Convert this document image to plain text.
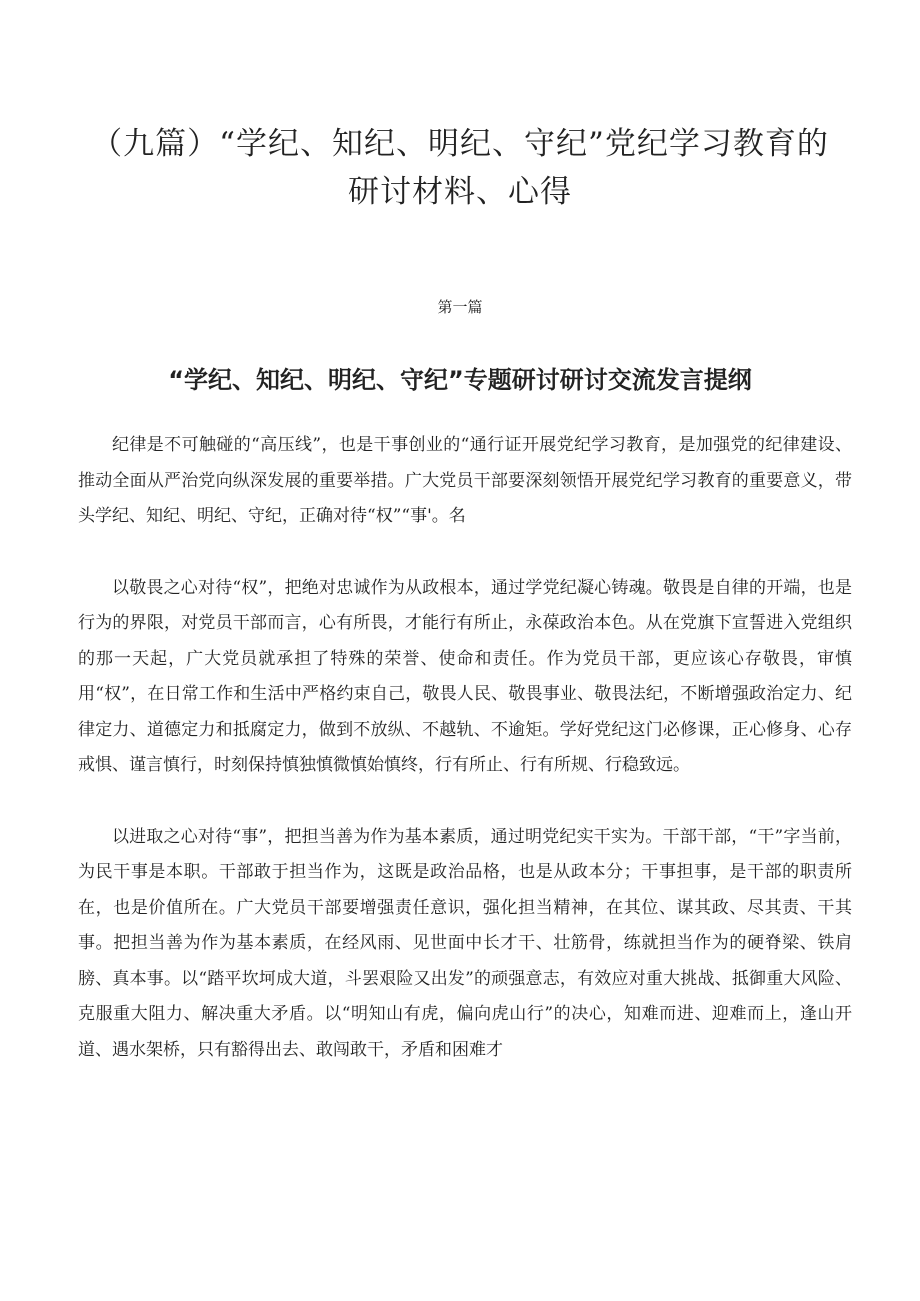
（九篇）“学纪、知纪、明纪、守纪”党纪学习教育的研讨材料、心得
第一篇
“学纪、知纪、明纪、守纪”专题研讨研讨交流发言提纲

纪律是不可触碰的“高压线”，也是干事创业的“通行证开展党纪学习教育，是加强党的纪律建设、推动全面从严治党向纵深发展的重要举措。广大党员干部要深刻领悟开展党纪学习教育的重要意义，带头学纪、知纪、明纪、守纪，正确对待“权”“事'。名

以敬畏之心对待“权”，把绝对忠诚作为从政根本，通过学党纪凝心铸魂。敬畏是自律的开端，也是行为的界限，对党员干部而言，心有所畏，才能行有所止，永葆政治本色。从在党旗下宣誓进入党组织的那一天起，广大党员就承担了特殊的荣誉、使命和责任。作为党员干部，更应该心存敬畏，审慎用“权”，在日常工作和生活中严格约束自己，敬畏人民、敬畏事业、敬畏法纪，不断增强政治定力、纪律定力、道德定力和抵腐定力，做到不放纵、不越轨、不逾矩。学好党纪这门必修课，正心修身、心存戒惧、谨言慎行，时刻保持慎独慎微慎始慎终，行有所止、行有所规、行稳致远。

以进取之心对待“事”，把担当善为作为基本素质，通过明党纪实干实为。干部干部，“干”字当前，为民干事是本职。干部敢于担当作为，这既是政治品格，也是从政本分；干事担事，是干部的职责所在，也是价值所在。广大党员干部要增强责任意识，强化担当精神，在其位、谋其政、尽其责、干其事。把担当善为作为基本素质，在经风雨、见世面中长才干、壮筋骨，练就担当作为的硬脊梁、铁肩膀、真本事。以“踏平坎坷成大道，斗罢艰险又出发”的顽强意志，有效应对重大挑战、抵御重大风险、克服重大阻力、解决重大矛盾。以“明知山有虎，偏向虎山行”的决心，知难而进、迎难而上，逢山开道、遇水架桥，只有豁得出去、敢闯敢干，矛盾和困难才
